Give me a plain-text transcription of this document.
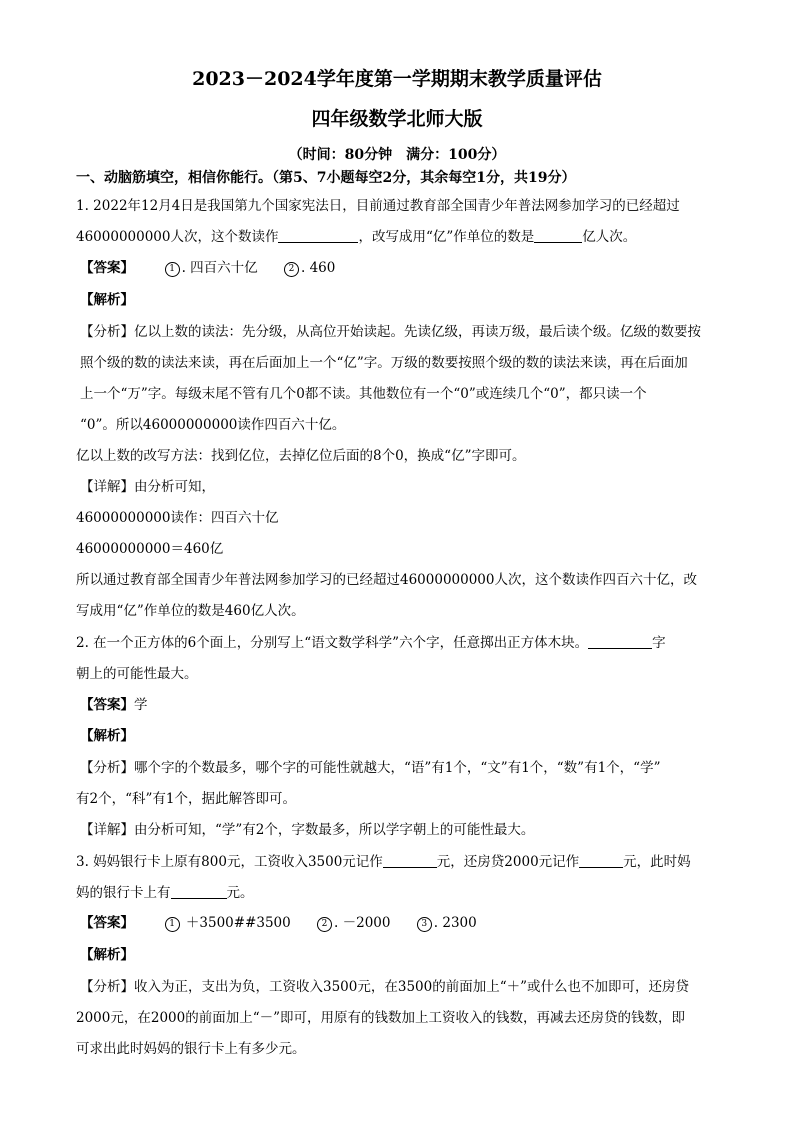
2023－2024学年度第一学期期末教学质量评估
四年级数学北师大版
（时间：80分钟　满分：100分）
一、动脑筋填空，相信你能行。（第5、7小题每空2分，其余每空1分，共19分）
1. 2022年12月4日是我国第九个国家宪法日，目前通过教育部全国青少年普法网参加学习的已经超过
46000000000人次，这个数读作	，改写成用“亿”作单位的数是	亿人次。
【答案】	1 . 四百六十亿	2 . 460
【解析】
【分析】亿以上数的读法：先分级，从高位开始读起。先读亿级，再读万级，最后读个级。亿级的数要按
照个级的数的读法来读，再在后面加上一个“亿”字。万级的数要按照个级的数的读法来读，再在后面加
上一个“万”字。每级末尾不管有几个0都不读。其他数位有一个“0”或连续几个“0”，都只读一个
“0”。所以46000000000读作四百六十亿。
亿以上数的改写方法：找到亿位，去掉亿位后面的8个0，换成“亿”字即可。
【详解】由分析可知，
46000000000读作：四百六十亿
46000000000＝460亿
所以通过教育部全国青少年普法网参加学习的已经超过46000000000人次，这个数读作四百六十亿，改
写成用“亿”作单位的数是460亿人次。
2. 在一个正方体的6个面上，分别写上“语文数学科学”六个字，任意掷出正方体木块。	字
朝上的可能性最大。
【答案】学
【解析】
【分析】哪个字的个数最多，哪个字的可能性就越大，“语”有1个，“文”有1个，“数”有1个，“学”
有2个，“科”有1个，据此解答即可。
【详解】由分析可知，“学”有2个，字数最多，所以学字朝上的可能性最大。
3. 妈妈银行卡上原有800元，工资收入3500元记作	元，还房贷2000元记作	元，此时妈
妈的银行卡上有	元。
【答案】	1 ＋3500##3500	2 . －2000	3 . 2300
【解析】
【分析】收入为正，支出为负，工资收入3500元，在3500的前面加上“＋”或什么也不加即可，还房贷
2000元，在2000的前面加上“－”即可，用原有的钱数加上工资收入的钱数，再减去还房贷的钱数，即
可求出此时妈妈的银行卡上有多少元。
